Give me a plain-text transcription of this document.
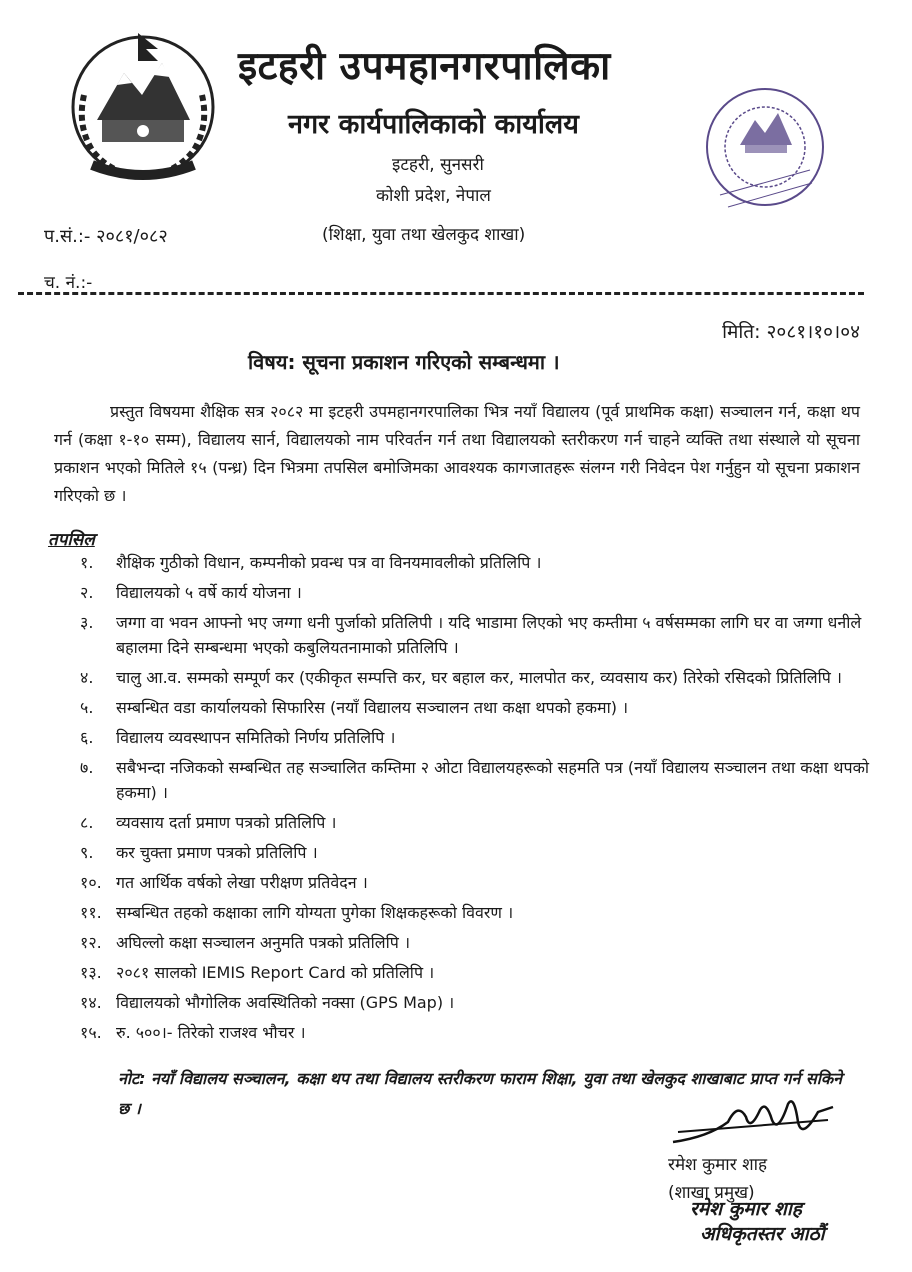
इटहरी उपमहानगरपालिका
नगर कार्यपालिकाको कार्यालय
इटहरी, सुनसरी
कोशी प्रदेश, नेपाल
प.सं.:- २०८१/०८२	(शिक्षा, युवा तथा खेलकुद शाखा)
च. नं.:-
मिति: २०८१।१०।०४
विषय: सूचना प्रकाशन गरिएको सम्बन्धमा ।
प्रस्तुत विषयमा शैक्षिक सत्र २०८२ मा इटहरी उपमहानगरपालिका भित्र नयाँ विद्यालय (पूर्व प्राथमिक कक्षा) सञ्चालन गर्न, कक्षा थप गर्न (कक्षा १-१० सम्म), विद्यालय सार्न, विद्यालयको नाम परिवर्तन गर्न तथा विद्यालयको स्तरीकरण गर्न चाहने व्यक्ति तथा संस्थाले यो सूचना प्रकाशन भएको मितिले १५ (पन्ध्र) दिन भित्रमा तपसिल बमोजिमका आवश्यक कागजातहरू संलग्न गरी निवेदन पेश गर्नुहुन यो सूचना प्रकाशन गरिएको छ ।
तपसिल
१.	शैक्षिक गुठीको विधान, कम्पनीको प्रवन्ध पत्र वा विनयमावलीको प्रतिलिपि ।
२.	विद्यालयको ५ वर्षे कार्य योजना ।
३.	जग्गा वा भवन आफ्नो भए जग्गा धनी पुर्जाको प्रतिलिपी । यदि भाडामा लिएको भए कम्तीमा ५ वर्षसम्मका लागि घर वा जग्गा धनीले बहालमा दिने सम्बन्धमा भएको कबुलियतनामाको प्रतिलिपि ।
४.	चालु आ.व. सम्मको सम्पूर्ण कर (एकीकृत सम्पत्ति कर, घर बहाल कर, मालपोत कर, व्यवसाय कर) तिरेको रसिदको प्रितिलिपि ।
५.	सम्बन्धित वडा कार्यालयको सिफारिस (नयाँ विद्यालय सञ्चालन तथा कक्षा थपको हकमा) ।
६.	विद्यालय व्यवस्थापन समितिको निर्णय प्रतिलिपि ।
७.	सबैभन्दा नजिकको सम्बन्धित तह सञ्चालित कम्तिमा २ ओटा विद्यालयहरूको सहमति पत्र (नयाँ विद्यालय सञ्चालन तथा कक्षा थपको हकमा) ।
८.	व्यवसाय दर्ता प्रमाण पत्रको प्रतिलिपि ।
९.	कर चुक्ता प्रमाण पत्रको प्रतिलिपि ।
१०. गत आर्थिक वर्षको लेखा परीक्षण प्रतिवेदन ।
११. सम्बन्धित तहको कक्षाका लागि योग्यता पुगेका शिक्षकहरूको विवरण ।
१२. अघिल्लो कक्षा सञ्चालन अनुमति पत्रको प्रतिलिपि ।
१३. २०८१ सालको IEMIS Report Card को प्रतिलिपि ।
१४. विद्यालयको भौगोलिक अवस्थितिको नक्सा (GPS Map) ।
१५. रु. ५००।- तिरेको राजश्व भौचर ।
नोट: नयाँ विद्यालय सञ्चालन, कक्षा थप तथा विद्यालय स्तरीकरण फाराम शिक्षा, युवा तथा खेलकुद शाखाबाट प्राप्त गर्न सकिने छ ।
रमेश कुमार शाह
(शाखा प्रमुख)
रमेश कुमार शाह
अधिकृतस्तर आठौं
